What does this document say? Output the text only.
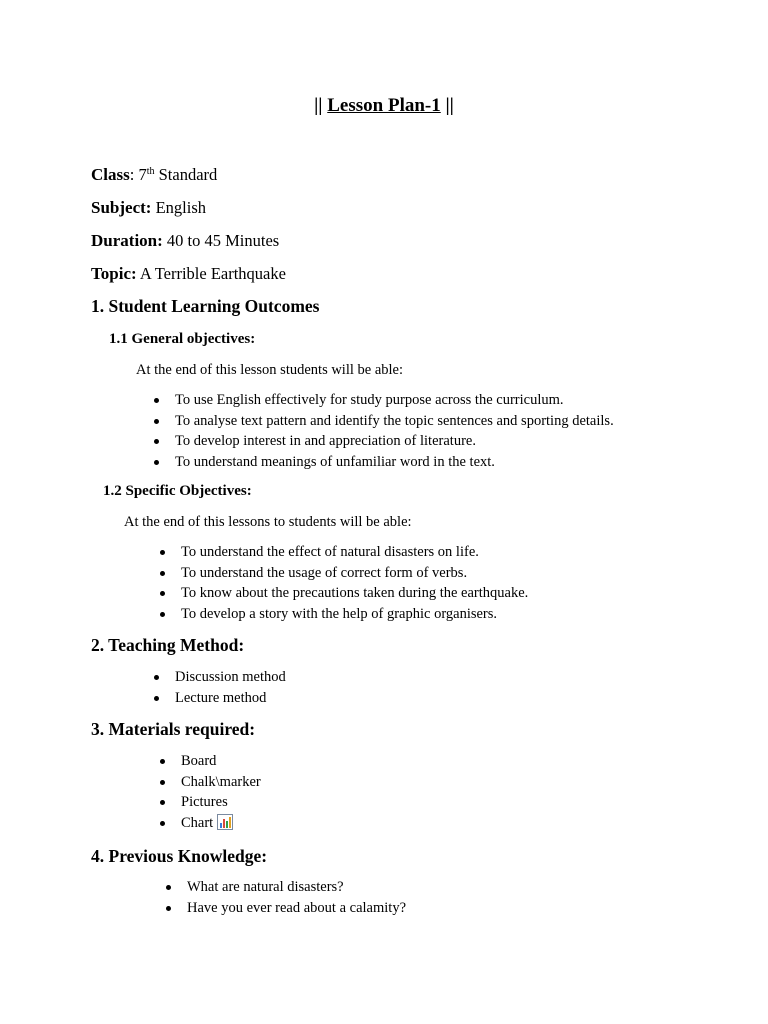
|| Lesson Plan-1 ||
Class: 7th Standard
Subject: English
Duration: 40 to 45 Minutes
Topic: A Terrible Earthquake
1. Student Learning Outcomes
1.1 General objectives:
At the end of this lesson students will be able:
To use English effectively for study purpose across the curriculum.
To analyse text pattern and identify the topic sentences and sporting details.
To develop interest in and appreciation of literature.
To understand meanings of unfamiliar word in the text.
1.2 Specific Objectives:
At the end of this lessons to students will be able:
To understand the effect of natural disasters on life.
To understand the usage of correct form of verbs.
To know about the precautions taken during the earthquake.
To develop a story with the help of graphic organisers.
2. Teaching Method:
Discussion method
Lecture method
3. Materials required:
Board
Chalk\marker
Pictures
Chart
4. Previous Knowledge:
What are natural disasters?
Have you ever read about a calamity?
